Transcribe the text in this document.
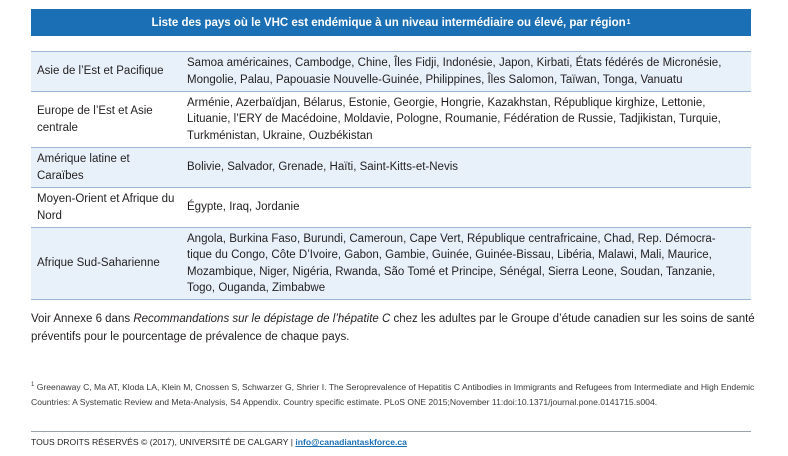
Liste des pays où le VHC est endémique à un niveau intermédiaire ou élevé, par région 1
Asie de l’Est et Pacifique
Samoa américaines, Cambodge, Chine, Îles Fidji, Indonésie, Japon, Kirbati, États fédérés de Micronésie,
Mongolie, Palau, Papouasie Nouvelle-Guinée, Philippines, Îles Salomon, Taïwan, Tonga, Vanuatu
Europe de l’Est et Asie centrale
Arménie, Azerbaïdjan, Bélarus, Estonie, Georgie, Hongrie, Kazakhstan, République kirghize, Lettonie,
Lituanie, l’ERY de Macédoine, Moldavie, Pologne, Roumanie, Fédération de Russie, Tadjikistan, Turquie,
Turkménistan, Ukraine, Ouzbékistan
Amérique latine et Caraïbes
Bolivie, Salvador, Grenade, Haïti, Saint-Kitts-et-Nevis
Moyen-Orient et Afrique du Nord
Égypte, Iraq, Jordanie
Afrique Sud-Saharienne
Angola, Burkina Faso, Burundi, Cameroun, Cape Vert, République centrafricaine, Chad, Rep. Démocra-
tique du Congo, Côte D’Ivoire, Gabon, Gambie, Guinée, Guinée-Bissau, Libéria, Malawi, Mali, Maurice,
Mozambique, Niger, Nigéria, Rwanda, São Tomé et Principe, Sénégal, Sierra Leone, Soudan, Tanzanie,
Togo, Ouganda, Zimbabwe
Voir Annexe 6 dans Recommandations sur le dépistage de l’hépatite C chez les adultes par le Groupe d’étude canadien sur les soins de santé préventifs pour le pourcentage de prévalence de chaque pays.
$^1$ Greenaway C, Ma AT, Kloda LA, Klein M, Cnossen S, Schwarzer G, Shrier I. The Seroprevalence of Hepatitis C Antibodies in Immigrants and Refugees from Intermediate and High Endemic Countries: A Systematic Review and Meta-Analysis, S4 Appendix. Country specific estimate. PLoS ONE 2015;November 11:doi:10.1371/journal.pone.0141715.s004.
TOUS DROITS RÉSERVÉS © (2017), UNIVERSITÉ DE CALGARY | info@canadiantaskforce.ca
